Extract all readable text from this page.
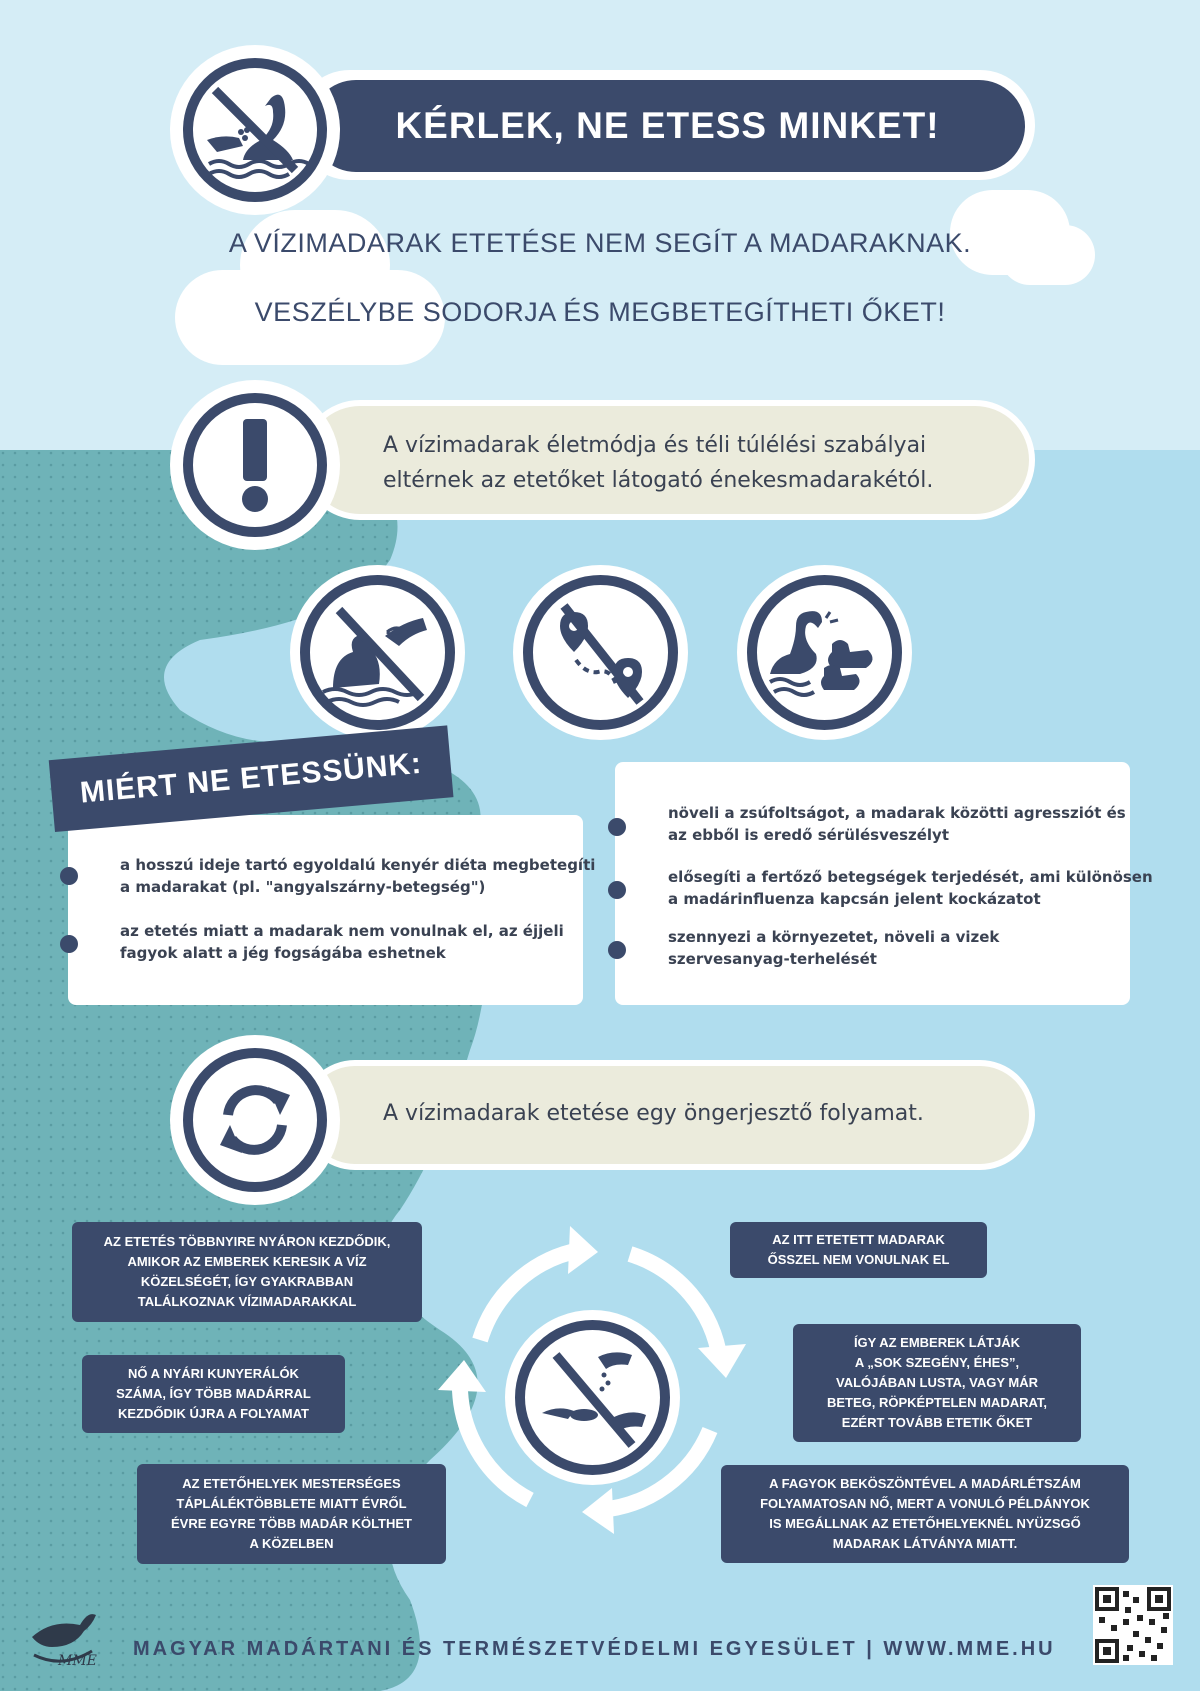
KÉRLEK, NE ETESS MINKET!
A VÍZIMADARAK ETETÉSE NEM SEGÍT A MADARAKNAK.
VESZÉLYBE SODORJA ÉS MEGBETEGÍTHETI ŐKET!
A vízimadarak életmódja és téli túlélési szabályai
eltérnek az etetőket látogató énekesmadarakétól.
MIÉRT NE ETESSÜNK:
a hosszú ideje tartó egyoldalú kenyér diéta megbetegíti
a madarakat (pl. "angyalszárny-betegség")
az etetés miatt a madarak nem vonulnak el, az éjjeli
fagyok alatt a jég fogságába eshetnek
növeli a zsúfoltságot, a madarak közötti agressziót és
az ebből is eredő sérülésveszélyt
elősegíti a fertőző betegségek terjedését, ami különösen
a madárinfluenza kapcsán jelent kockázatot
szennyezi a környezetet, növeli a vizek
szervesanyag-terhelését
A vízimadarak etetése egy öngerjesztő folyamat.
AZ ETETÉS TÖBBNYIRE NYÁRON KEZDŐDIK,
AMIKOR AZ EMBEREK KERESIK A VÍZ
KÖZELSÉGÉT, ÍGY GYAKRABBAN
TALÁLKOZNAK VÍZIMADARAKKAL
AZ ITT ETETETT MADARAK
ŐSSZEL NEM VONULNAK EL
ÍGY AZ EMBEREK LÁTJÁK
A „SOK SZEGÉNY, ÉHES”,
VALÓJÁBAN LUSTA, VAGY MÁR
BETEG, RÖPKÉPTELEN MADARAT,
EZÉRT TOVÁBB ETETIK ŐKET
A FAGYOK BEKÖSZÖNTÉVEL A MADÁRLÉTSZÁM
FOLYAMATOSAN NŐ, MERT A VONULÓ PÉLDÁNYOK
IS MEGÁLLNAK AZ ETETŐHELYEKNÉL NYÜZSGŐ
MADARAK LÁTVÁNYA MIATT.
AZ ETETŐHELYEK MESTERSÉGES
TÁPLÁLÉKTÖBBLETE MIATT ÉVRŐL
ÉVRE EGYRE TÖBB MADÁR KÖLTHET
A KÖZELBEN
NŐ A NYÁRI KUNYERÁLÓK
SZÁMA, ÍGY TÖBB MADÁRRAL
KEZDŐDIK ÚJRA A FOLYAMAT
MME
MAGYAR MADÁRTANI ÉS TERMÉSZETVÉDELMI EGYESÜLET | WWW.MME.HU
